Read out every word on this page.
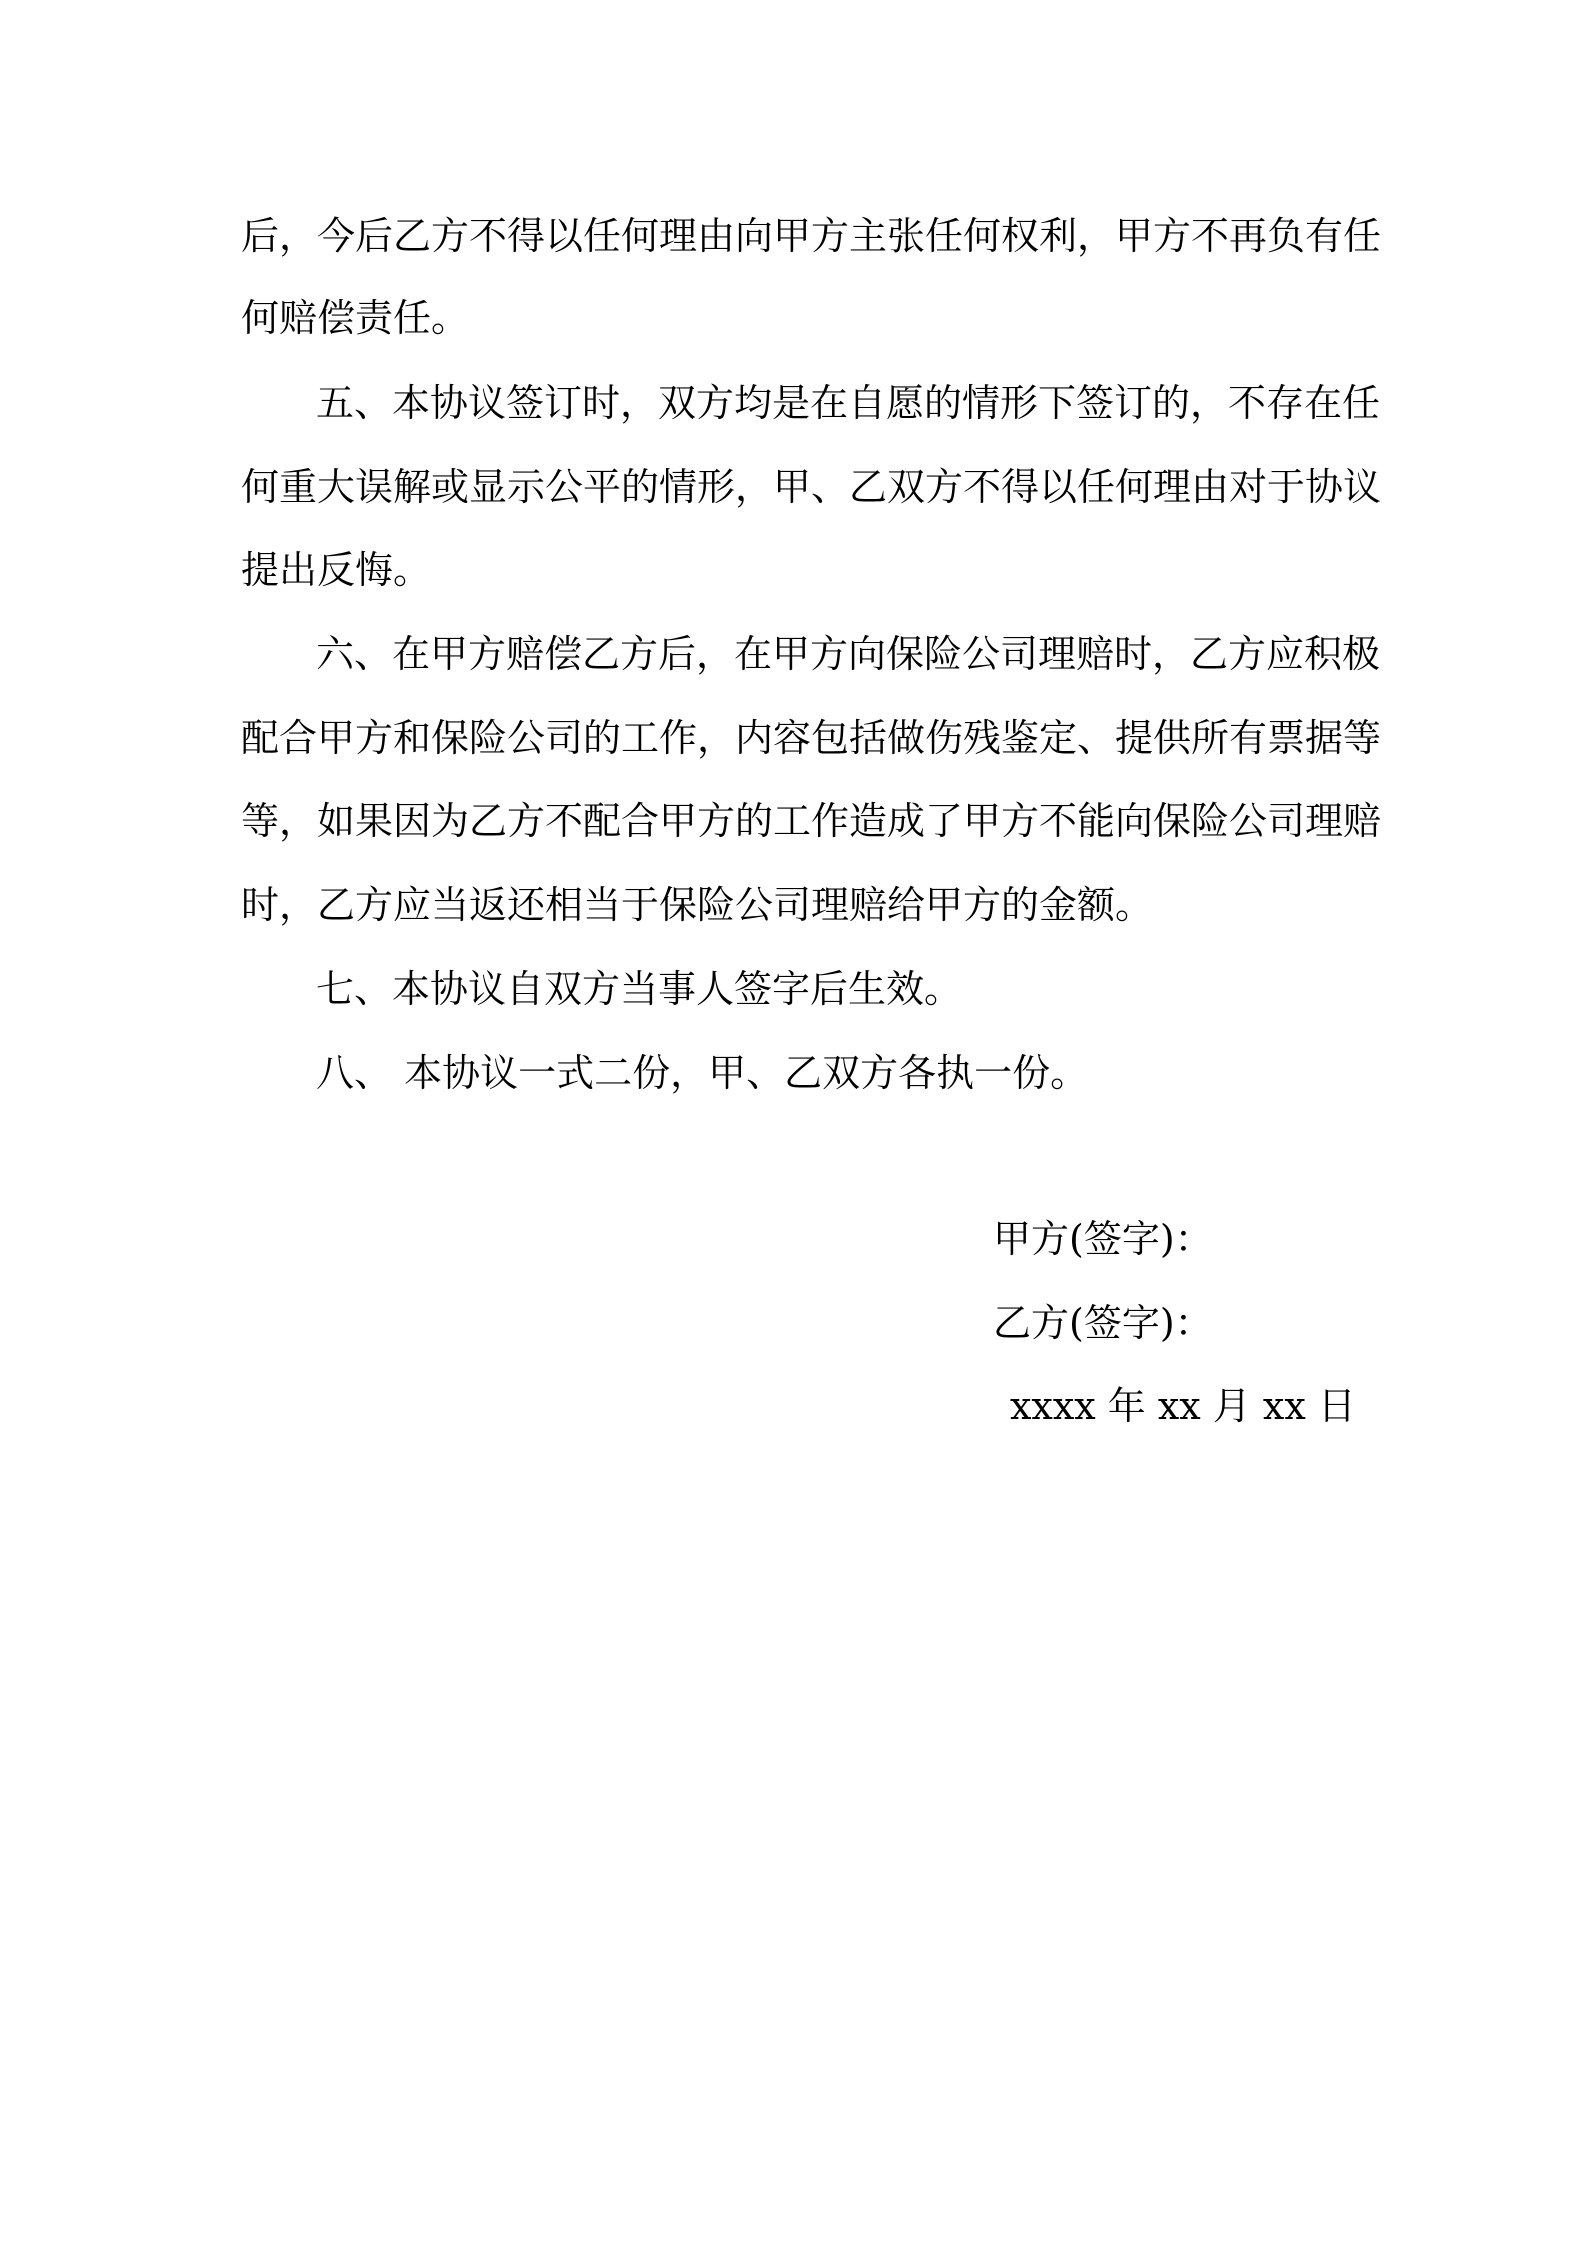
后，今后乙方不得以任何理由向甲方主张任何权利，甲方不再负有任
何赔偿责任。
五、本协议签订时，双方均是在自愿的情形下签订的，不存在任
何重大误解或显示公平的情形，甲、乙双方不得以任何理由对于协议
提出反悔。
六、在甲方赔偿乙方后，在甲方向保险公司理赔时，乙方应积极
配合甲方和保险公司的工作，内容包括做伤残鉴定、提供所有票据等
等，如果因为乙方不配合甲方的工作造成了甲方不能向保险公司理赔
时，乙方应当返还相当于保险公司理赔给甲方的金额。
七、本协议自双方当事人签字后生效。
八、 本协议一式二份，甲、乙双方各执一份。
甲方(签字)：
乙方(签字)：
xxxx 年 xx 月 xx 日
